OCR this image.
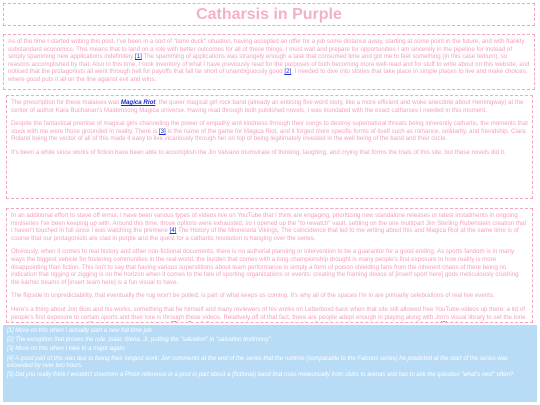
Catharsis in Purple

As of the time I started writing this post, I've been in a sort of "lame duck" situation, having accepted an offer for a job some distance away, starting at some point in the future, and with frankly substandard economics. This means that to land on a role with better outcomes for all of these things, I must wait and prepare for opportunities I am sincerely in the pipeline for instead of simply spamming new applications indefinitely [1] The spamming of applications was strangely enough a task that consumed time and got me to feel something (in this case tedium), so reasons accomplished by that. Also in this time, I took inventory of what I have previously read for the purposes of both becoming more well-read and for stuff to write about on this website, and noticed that the protagonists all went through hell for payoffs that fall far short of unambiguously good [2]. I needed to dive into stories that take place in simple places to live and make choices, where good puts it all on the line against evil and wins.

The prescription for these malaises was Magica Riot, the queer magical girl rock band (already an enticing five word story, like a more efficient and woke anecdote about Hemingway) at the center of author Kara Buchanan's Maidensong Magica universe. Having read through both published novels, I was inundated with the exact catharses I needed in this moment.

Despite the fantastical premise of magical girls channeling the power of empathy and kindness through their songs to destroy supernatural threats being inherently cathartic, the moments that stuck with me were those grounded in reality. There is [3] is the name of the game for Magica Riot, and it forged more specific forms of itself such as romance, solidarity, and friendship. Clara Roland being the vector of all of this made it easy to live vicariously through her on top of being legitimately invested in the well being of the band and their circle.

It's been a while since works of fiction have been able to accomplish the Jin Valvano triumvirate of thinking, laughing, and crying that forms the trials of this site, but these novels did it.

In an additional effort to stave off ennui, I have been various types of videos live on YouTube that I think are engaging, prioritizing new standalone releases or latest installments in ongoing miniseries I've been keeping up with. Around this time, those options were exhausted, so I opened up the "to rewatch" vault, settling on the one multipart Jim Sterling Rubenstein creation that I haven't touched in full since I was watching the premiere [4] The History of the Minnesota Vikings. The coincidence that led to me writing about this and Magica Riot at the same time is of course that our protagonists are clad in purple and the quest for a cathartic resolution is hanging over the series.

Obviously, when it comes to real history and other non-fictional documents, there is no authorial planning or intervention to be a guarantor for a good ending. As sports fandom is in many ways the biggest vehicle for fostering communities in the real world, the burden that comes with a long championship drought is many people's first exposure to how reality is more disappointing than fiction. This isn't to say that having various superstitions about team performance is simply a form of poison shielding fans from the inherent chaos of there being no indication that rigging or zigging is on the horizon when it comes to the fate of sporting organizations or events: creating the framing device of [insert sport here] gods meticulously crushing the karmic beams of [insert team here] is a fun visual to have.

The flipside to unpredictability, that eventually the rug won't be pulled, is part of what keeps us coming. It's why all of the spaces I'm in are primarily celebrations of real live events.

Here's a thing about Jon Bois and his works, something that he himself and many reviewers of his works on Letterboxd back when that site still allowed free YouTube-videos up there: a lot of people's first exposure to certain sports and their lore is through these videos. Relatively off of that fact, there are people adept enough in playing along with Jon's visual library to set the tone

[1] More on this when I actually start a new full-time job.

[2] The exception that proves the rule: Isaac Stena, Jr. putting the "salvation" in "salvation testimony".

[3] More on this when I take to a major again.

[4] A good part of this was due to being their longest work: Jon comments at the end of the series that the runtime (comparable to the Falcons series) he predicted at the start of the series was exceeded by over two hours.

[5] Did you really think I wouldn't shoehorn a Phish reference in a post in part about a (fictional) band that rises meteorically from clubs to arenas and has to ask the question "what's next" often?
